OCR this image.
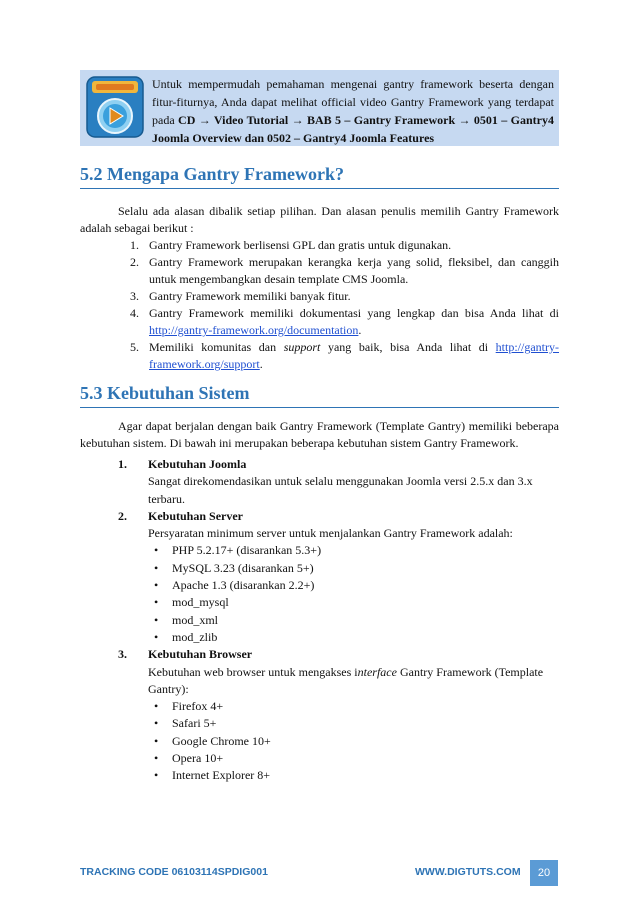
Untuk mempermudah pemahaman mengenai gantry framework beserta dengan fitur-fiturnya, Anda dapat melihat official video Gantry Framework yang terdapat pada CD → Video Tutorial → BAB 5 – Gantry Framework → 0501 – Gantry4 Joomla Overview dan 0502 – Gantry4 Joomla Features
5.2 Mengapa Gantry Framework?

Selalu ada alasan dibalik setiap pilihan. Dan alasan penulis memilih Gantry Framework adalah sebagai berikut :

1. Gantry Framework berlisensi GPL dan gratis untuk digunakan.
2. Gantry Framework merupakan kerangka kerja yang solid, fleksibel, dan canggih untuk mengembangkan desain template CMS Joomla.
3. Gantry Framework memiliki banyak fitur.
4. Gantry Framework memiliki dokumentasi yang lengkap dan bisa Anda lihat di http://gantry-framework.org/documentation.
5. Memiliki komunitas dan support yang baik, bisa Anda lihat di http://gantry-framework.org/support.
5.3 Kebutuhan Sistem

Agar dapat berjalan dengan baik Gantry Framework (Template Gantry) memiliki beberapa kebutuhan sistem. Di bawah ini merupakan beberapa kebutuhan sistem Gantry Framework.

1. Kebutuhan Joomla
Sangat direkomendasikan untuk selalu menggunakan Joomla versi 2.5.x dan 3.x terbaru.
2. Kebutuhan Server
Persyaratan minimum server untuk menjalankan Gantry Framework adalah:
• PHP 5.2.17+ (disarankan 5.3+)
• MySQL 3.23 (disarankan 5+)
• Apache 1.3 (disarankan 2.2+)
• mod_mysql
• mod_xml
• mod_zlib
3. Kebutuhan Browser
Kebutuhan web browser untuk mengakses interface Gantry Framework (Template Gantry):
• Firefox 4+
• Safari 5+
• Google Chrome 10+
• Opera 10+
• Internet Explorer 8+
TRACKING CODE 06103114SPDIG001	WWW.DIGTUTS.COM	20
